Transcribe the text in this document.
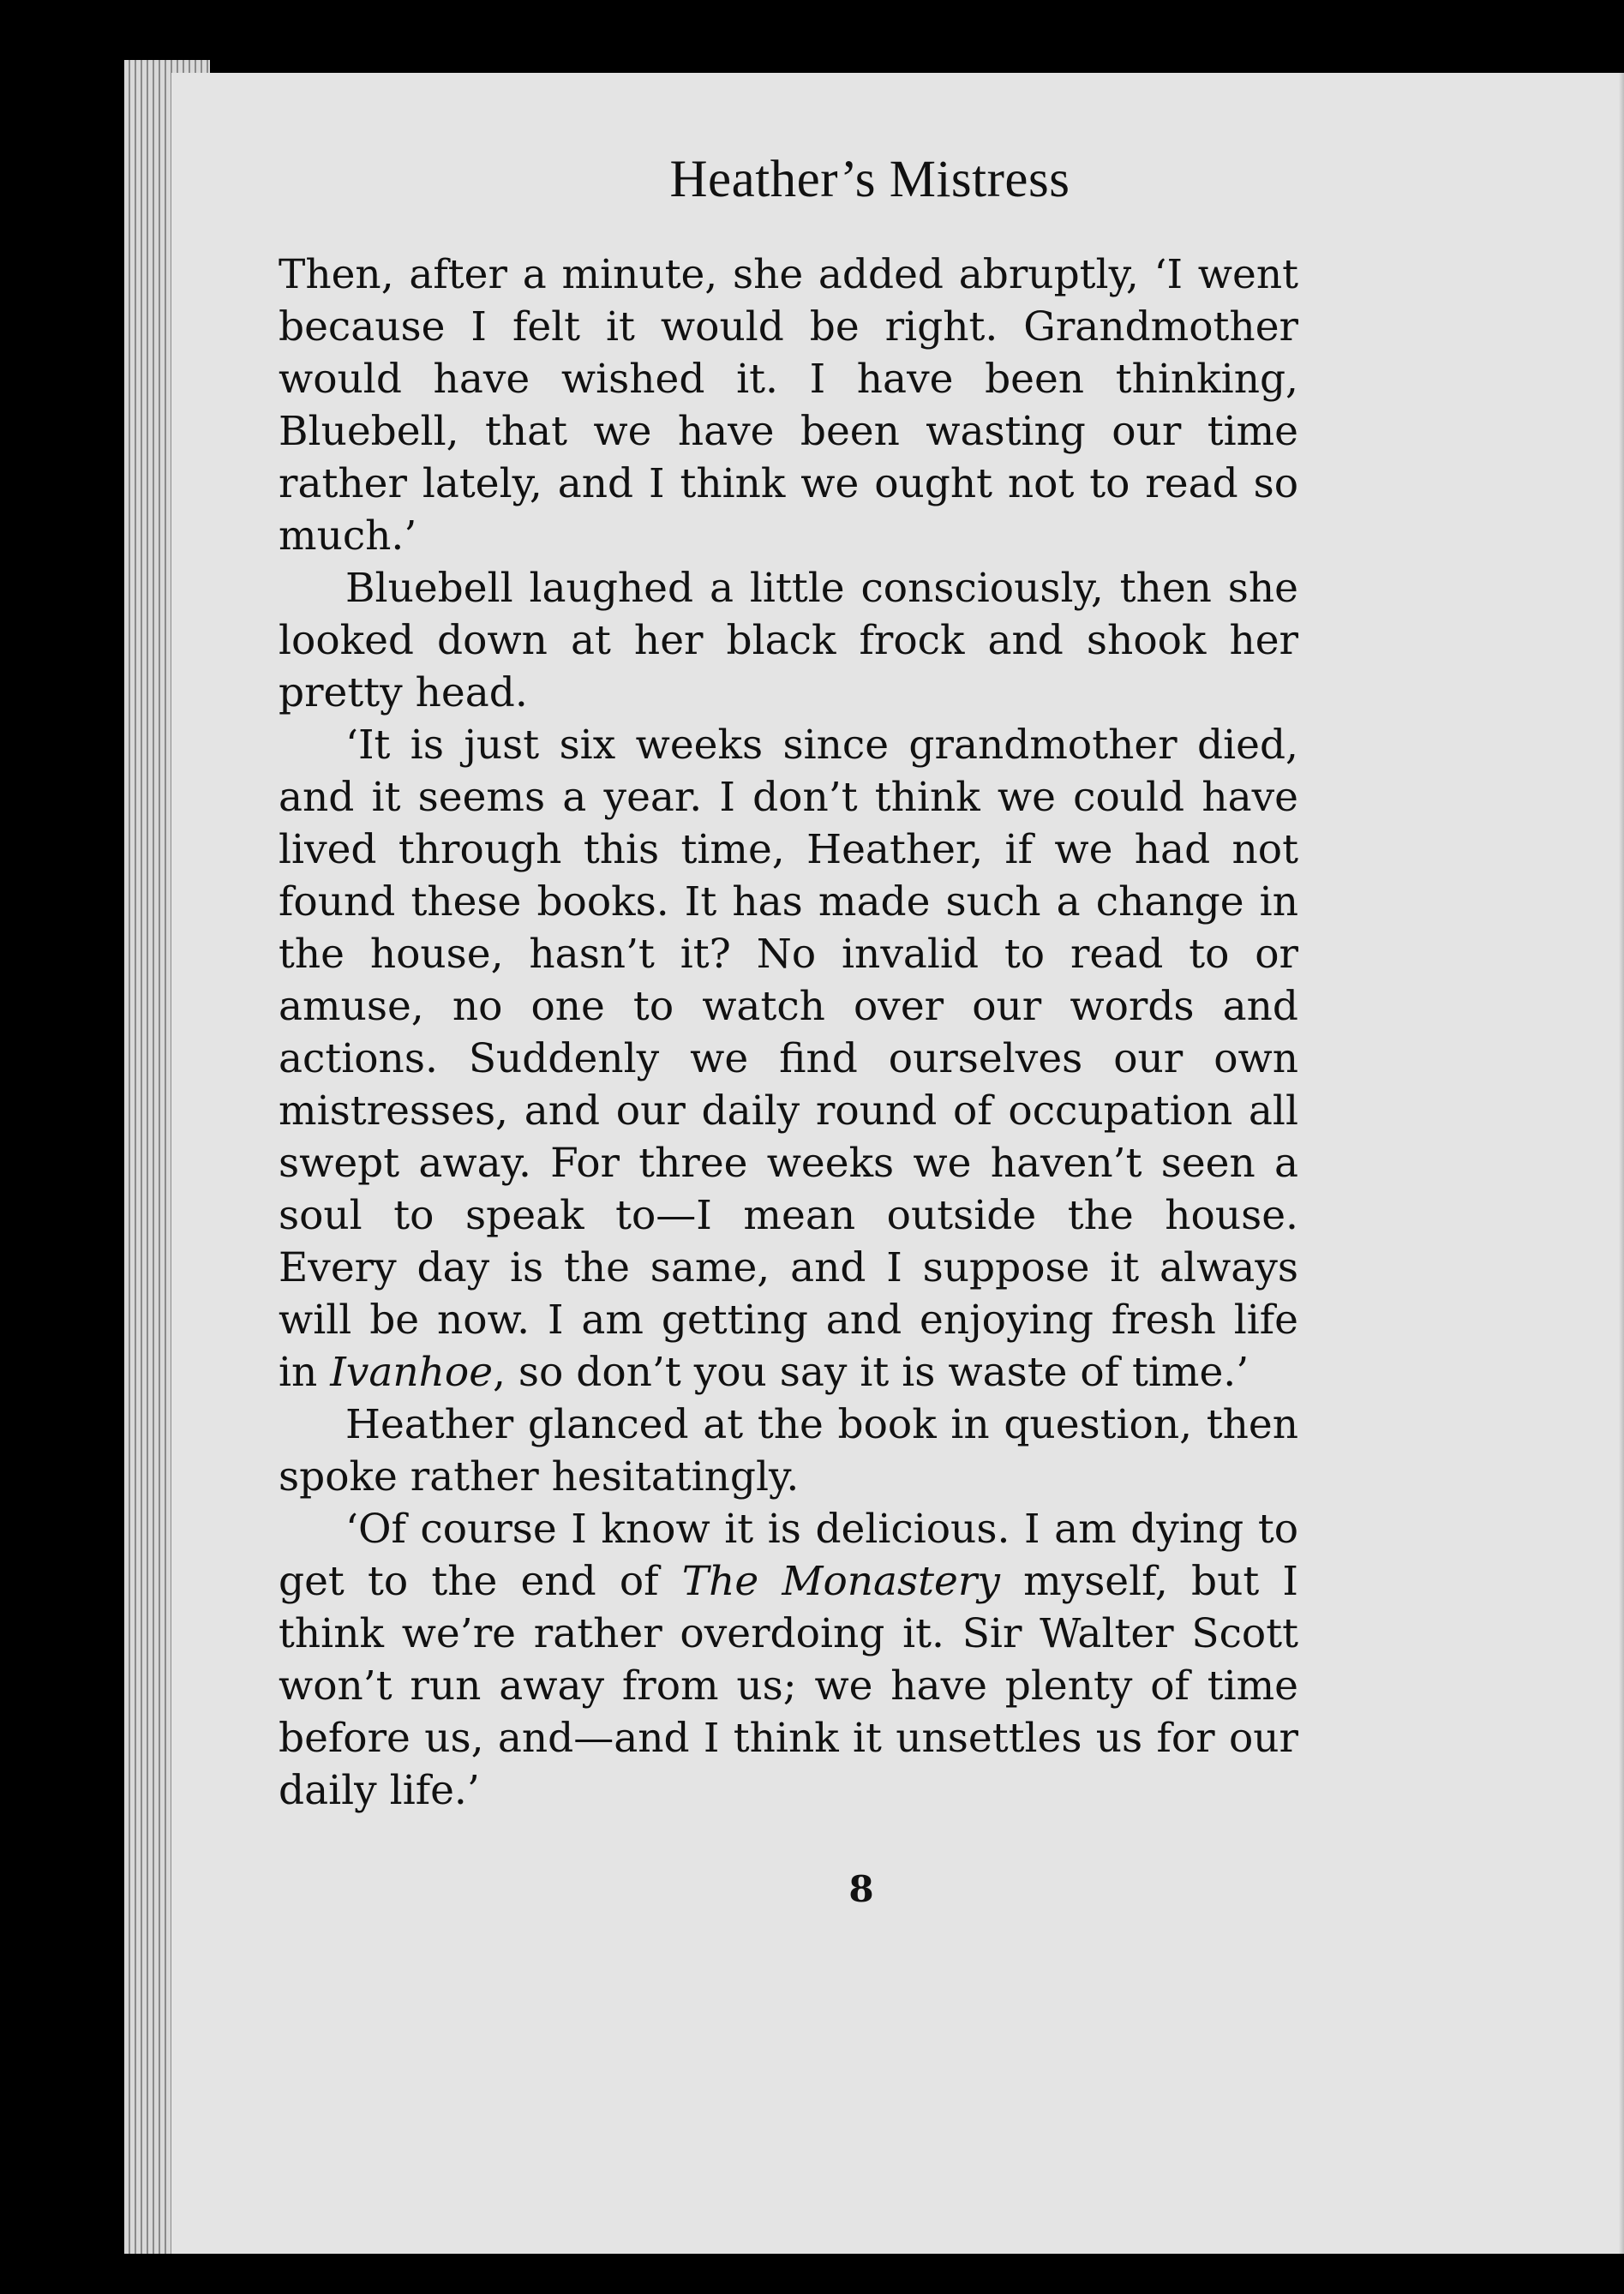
Heather’s Mistress

Then, after a minute, she added abruptly, ‘I went because I felt it would be right. Grandmother would have wished it. I have been thinking, Bluebell, that we have been wasting our time rather lately, and I think we ought not to read so much.’

Bluebell laughed a little consciously, then she looked down at her black frock and shook her pretty head.

‘It is just six weeks since grandmother died, and it seems a year. I don’t think we could have lived through this time, Heather, if we had not found these books. It has made such a change in the house, hasn’t it? No invalid to read to or amuse, no one to watch over our words and actions. Suddenly we find ourselves our own mistresses, and our daily round of occupation all swept away. For three weeks we haven’t seen a soul to speak to—I mean outside the house. Every day is the same, and I suppose it always will be now. I am getting and enjoying fresh life in Ivanhoe, so don’t you say it is waste of time.’

Heather glanced at the book in question, then spoke rather hesitatingly.

‘Of course I know it is delicious. I am dying to get to the end of The Monastery myself, but I think we’re rather overdoing it. Sir Walter Scott won’t run away from us; we have plenty of time before us, and—and I think it unsettles us for our daily life.’

8
